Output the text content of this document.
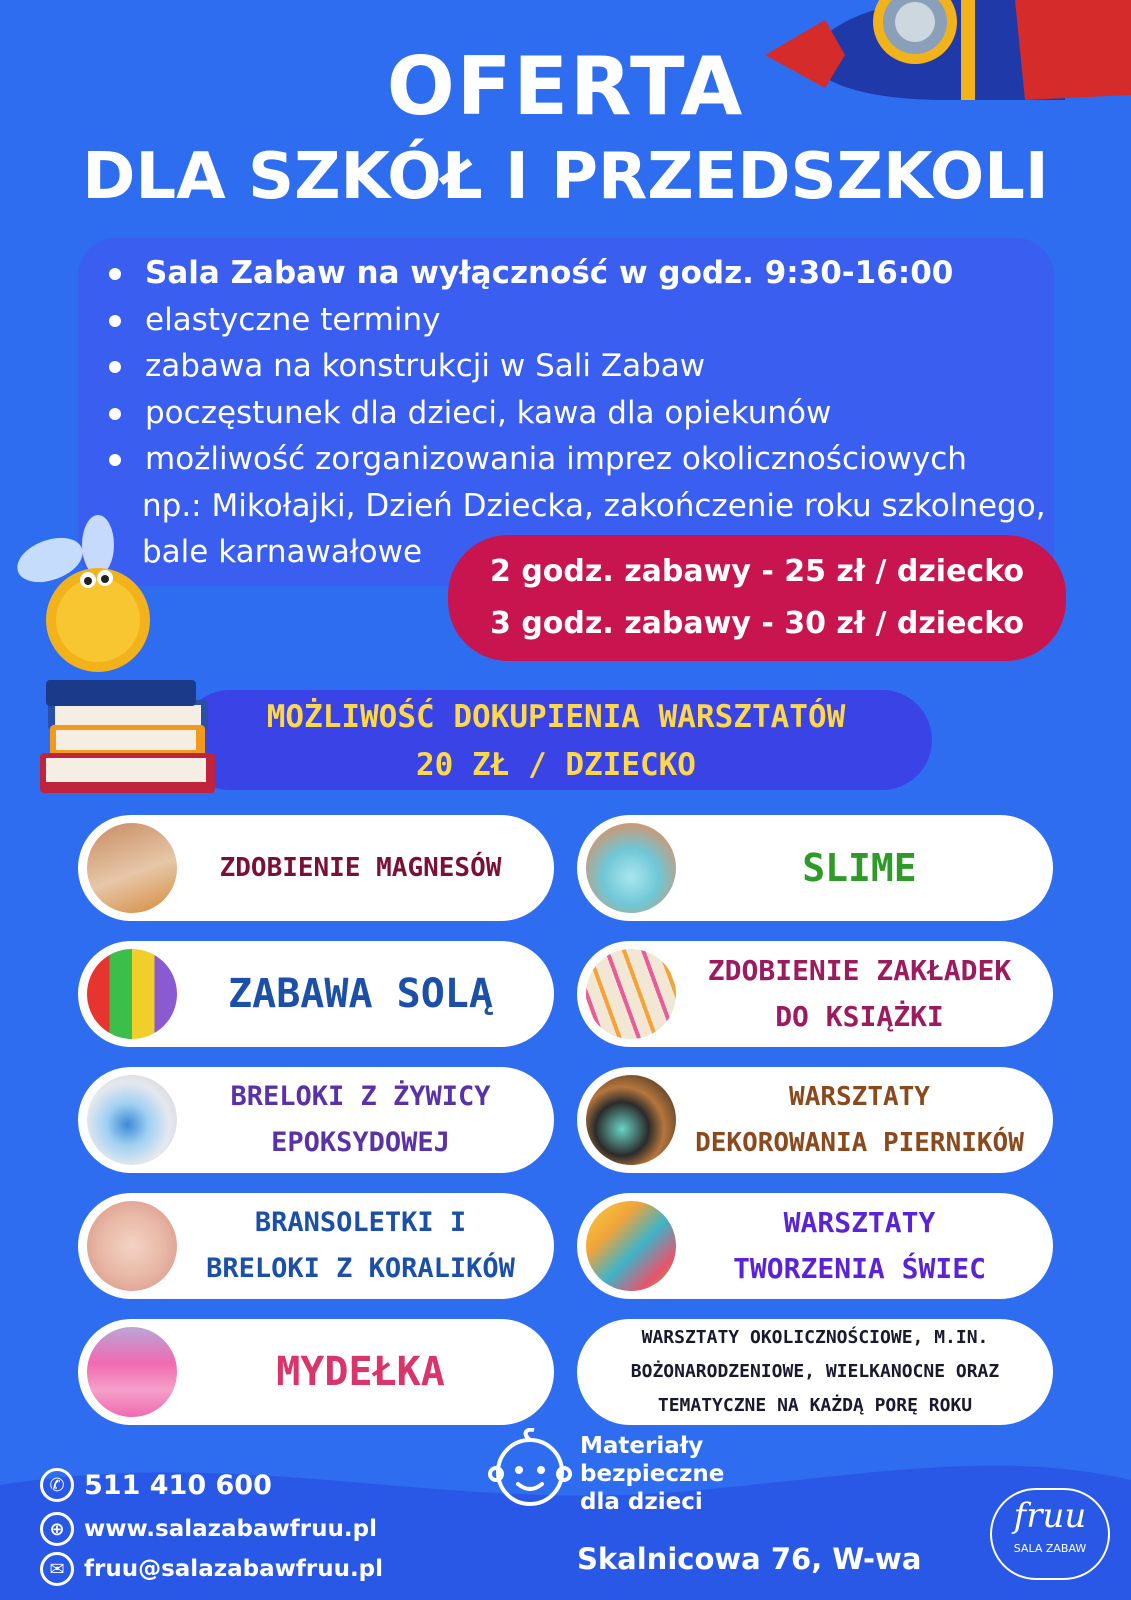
OFERTA
DLA SZKÓŁ I PRZEDSZKOLI
Sala Zabaw na wyłączność w godz. 9:30-16:00
elastyczne terminy
zabawa na konstrukcji w Sali Zabaw
poczęstunek dla dzieci, kawa dla opiekunów
możliwość zorganizowania imprez okolicznościowych
np.: Mikołajki, Dzień Dziecka, zakończenie roku szkolnego,
bale karnawałowe
2 godz. zabawy - 25 zł / dziecko
3 godz. zabawy - 30 zł / dziecko
MOŻLIWOŚĆ DOKUPIENIA WARSZTATÓW
20 ZŁ / DZIECKO
ZDOBIENIE MAGNESÓW	SLIME
ZABAWA SOLĄ
ZDOBIENIE ZAKŁADEK
DO KSIĄŻKI
BRELOKI Z ŻYWICY
EPOKSYDOWEJ
WARSZTATY
DEKOROWANIA PIERNIKÓW
BRANSOLETKI I
BRELOKI Z KORALIKÓW
WARSZTATY
TWORZENIA ŚWIEC
MYDEŁKA
WARSZTATY OKOLICZNOŚCIOWE, M.IN.
BOŻONARODZENIOWE, WIELKANOCNE ORAZ
TEMATYCZNE NA KAŻDĄ PORĘ ROKU
Materiały
bezpieczne
dla dzieci
✆ 511 410 600
⊕ www.salazabawfruu.pl
✉ fruu@salazabawfruu.pl	Skalnicowa 76, W-wa
fruu
SALA ZABAW
